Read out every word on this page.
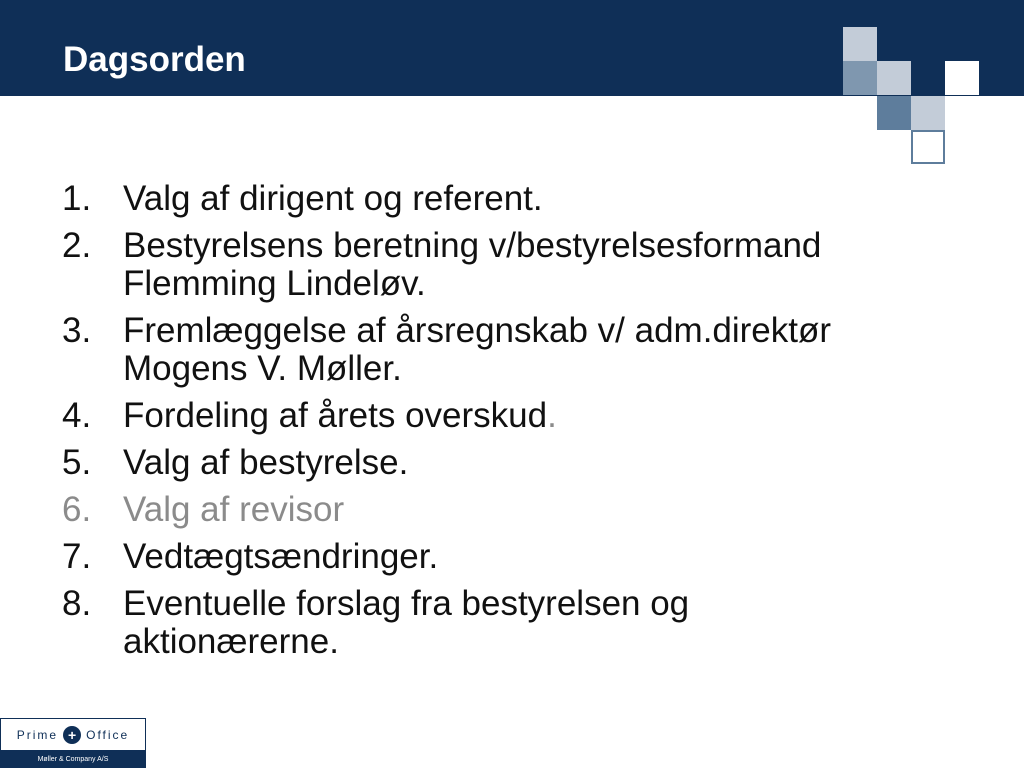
Dagsorden
1. Valg af dirigent og referent.
2. Bestyrelsens beretning v/bestyrelsesformand
Flemming Lindeløv.
3. Fremlæggelse af årsregnskab v/ adm.direktør
Mogens V. Møller.
4. Fordeling af årets overskud.
5. Valg af bestyrelse.
6. Valg af revisor
7. Vedtægtsændringer.
8. Eventuelle forslag fra bestyrelsen og
aktionærerne.
Prime + Office
Møller & Company A/S
